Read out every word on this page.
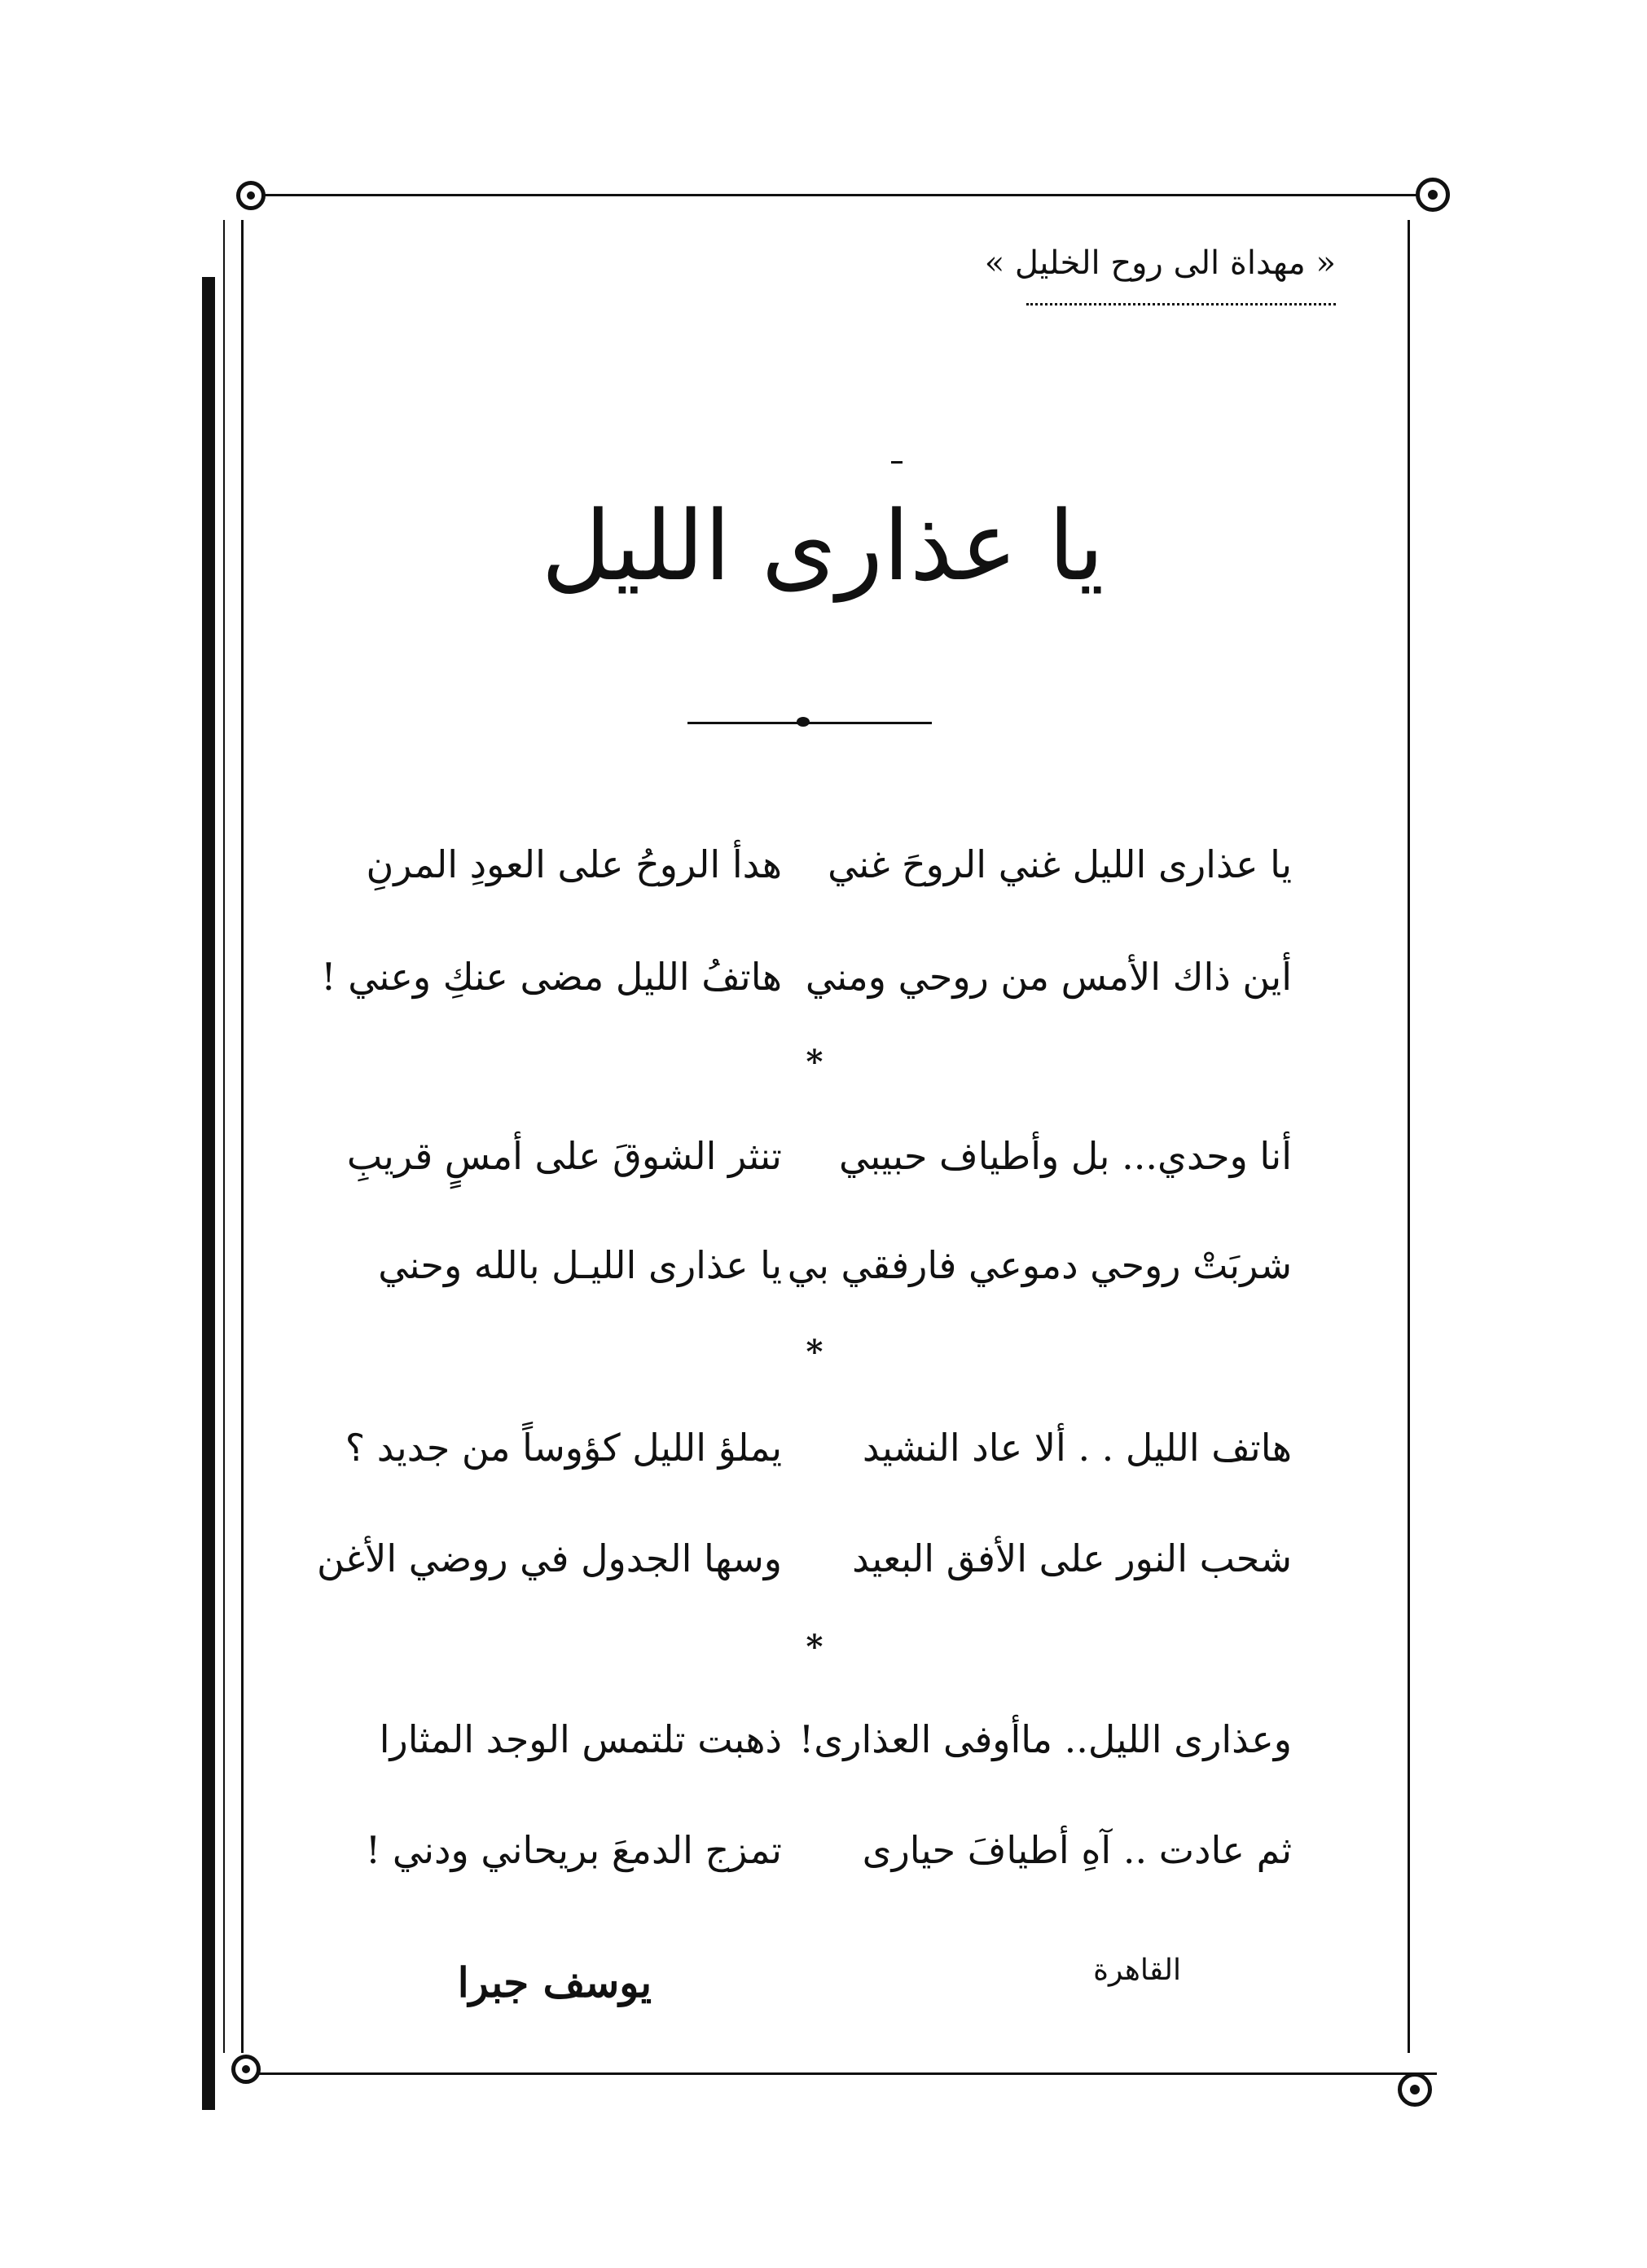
« مهداة الى روح الخليل »
يا عذارى الليل
يا عذارى الليل غني الروحَ غني
هدأ الروحُ على العودِ المرنِ
أين ذاك الأمس من روحي ومني
هاتفُ الليل مضى عنكِ وعني !
*
أنا وحدي... بل وأطياف حبيبي
تنثر الشوقَ على أمسٍ قريبِ
شربَتْ روحي دموعي فارفقي بي
يا عذارى الليـل بالله وحني
*
هاتف الليل . . ألا عاد النشيد
يملؤ الليل كؤوساً من جديد ؟
شحب النور على الأفق البعيد
وسها الجدول في روضي الأغن
*
وعذارى الليل.. ماأوفى العذارى!
ذهبت تلتمس الوجد المثارا
ثم عادت .. آهِ أطيافَ حيارى
تمزج الدمعَ بريحاني ودني !
القاهرة
يوسف جبرا
